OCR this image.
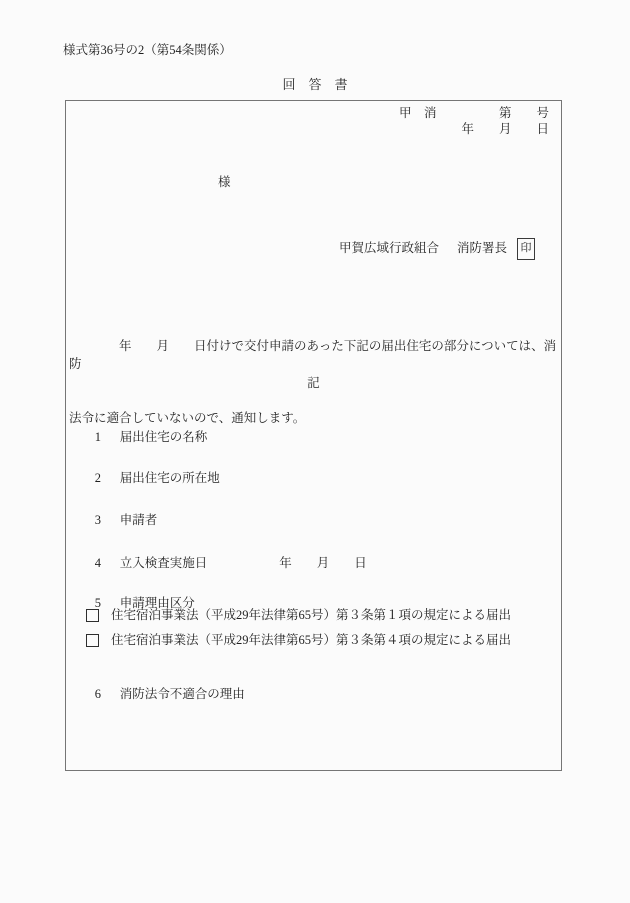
様式第36号の2（第54条関係）
回　答　書
甲　消　　　　　第　　号
年　　月　　日
様
甲賀広域行政組合 消防署長 印

　　　　年　　月　　日付けで交付申請のあった下記の届出住宅の部分については、消防

法令に適合していないので、通知します。

記

1 届出住宅の名称

2 届出住宅の所在地

3 申請者

4 立入検査実施日	年　　月　　日

5 申請理由区分

住宅宿泊事業法（平成29年法律第65号）第３条第１項の規定による届出
住宅宿泊事業法（平成29年法律第65号）第３条第４項の規定による届出

6 消防法令不適合の理由
